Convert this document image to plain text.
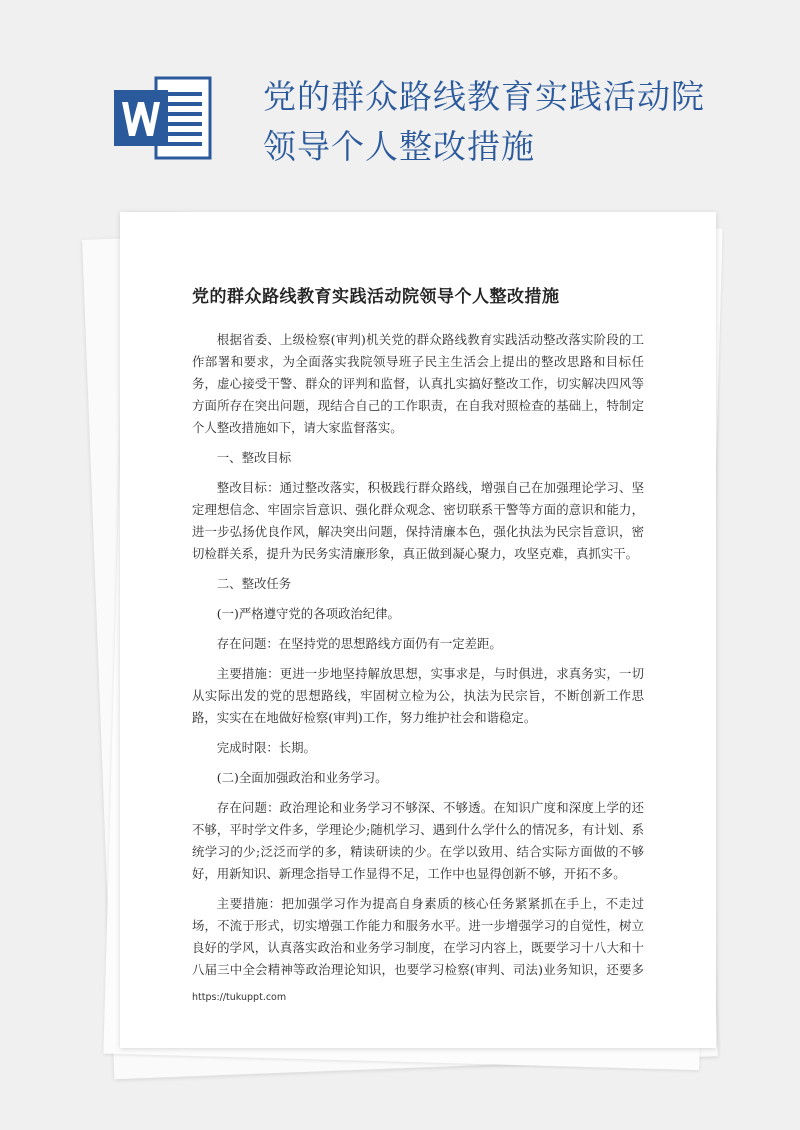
党的群众路线教育实践活动院
领导个人整改措施
党的群众路线教育实践活动院领导个人整改措施

根据省委、上级检察(审判)机关党的群众路线教育实践活动整改落实阶段的工作部署和要求，为全面落实我院领导班子民主生活会上提出的整改思路和目标任务，虚心接受干警、群众的评判和监督，认真扎实搞好整改工作，切实解决四风等方面所存在突出问题，现结合自己的工作职责，在自我对照检查的基础上，特制定个人整改措施如下，请大家监督落实。

一、整改目标

整改目标：通过整改落实，积极践行群众路线，增强自己在加强理论学习、坚定理想信念、牢固宗旨意识、强化群众观念、密切联系干警等方面的意识和能力，进一步弘扬优良作风，解决突出问题，保持清廉本色，强化执法为民宗旨意识，密切检群关系，提升为民务实清廉形象，真正做到凝心聚力，攻坚克难，真抓实干。

二、整改任务

(一)严格遵守党的各项政治纪律。

存在问题：在坚持党的思想路线方面仍有一定差距。

主要措施：更进一步地坚持解放思想，实事求是，与时俱进，求真务实，一切从实际出发的党的思想路线，牢固树立检为公，执法为民宗旨，不断创新工作思路，实实在在地做好检察(审判)工作，努力维护社会和谐稳定。

完成时限：长期。

(二)全面加强政治和业务学习。

存在问题：政治理论和业务学习不够深、不够透。在知识广度和深度上学的还不够，平时学文件多，学理论少;随机学习、遇到什么学什么的情况多，有计划、系统学习的少;泛泛而学的多，精读研读的少。在学以致用、结合实际方面做的不够好，用新知识、新理念指导工作显得不足，工作中也显得创新不够，开拓不多。

主要措施：把加强学习作为提高自身素质的核心任务紧紧抓在手上，不走过场，不流于形式，切实增强工作能力和服务水平。进一步增强学习的自觉性，树立良好的学风，认真落实政治和业务学习制度，在学习内容上，既要学习十八大和十八届三中全会精神等政治理论知识，也要学习检察(审判、司法)业务知识，还要多

https://tukuppt.com
